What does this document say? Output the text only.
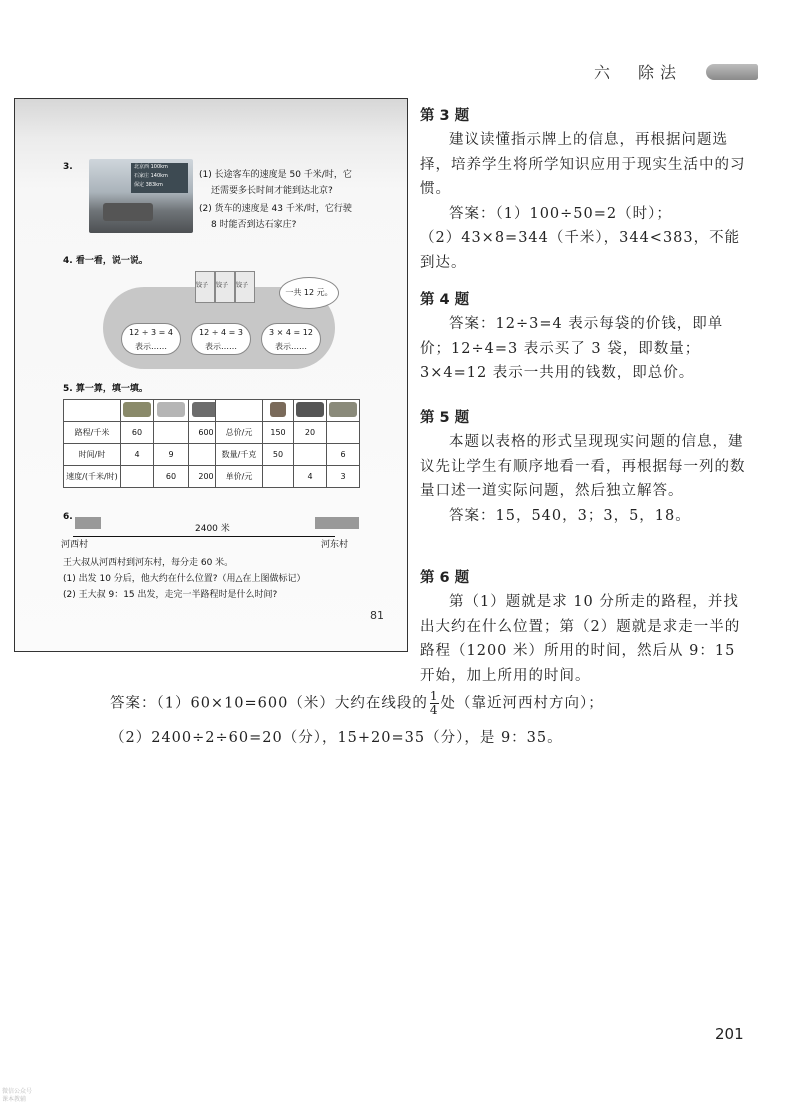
六　除法
3.	北京西 100km
石家庄 140km
保定 383km
(1) 长途客车的速度是 50 千米/时，它
还需要多长时间才能到达北京?
(2) 货车的速度是 43 千米/时，它行驶
8 时能否到达石家庄?
4. 看一看，说一说。
饺子	饺子	饺子
一共 12 元。
12 ÷ 3 = 4
表示……
12 ÷ 4 = 3
表示……
3 × 4 = 12
表示……
5. 算一算，填一填。

路程/千米	60		600
时间/时	4	9	
速度/(千米/时)		60	200

总价/元	150	20	
数量/千克	50		6
单价/元		4	3
6.
2400 米
河西村	河东村
王大叔从河西村到河东村，每分走 60 米。
(1) 出发 10 分后，他大约在什么位置?（用△在上图做标记）
(2) 王大叔 9：15 出发，走完一半路程时是什么时间?
81
第 3 题

建议读懂指示牌上的信息，再根据问题选择，培养学生将所学知识应用于现实生活中的习惯。

答案：（1）100÷50=2（时）；

（2）43×8=344（千米），344<383，不能到达。

第 4 题

答案：12÷3=4 表示每袋的价钱，即单价；12÷4=3 表示买了 3 袋，即数量；3×4=12 表示一共用的钱数，即总价。

第 5 题

本题以表格的形式呈现现实问题的信息，建议先让学生有顺序地看一看，再根据每一列的数量口述一道实际问题，然后独立解答。

答案：15，540，3；3，5，18。

第 6 题

第（1）题就是求 10 分所走的路程，并找出大约在什么位置；第（2）题就是求走一半的路程（1200 米）所用的时间，然后从 9：15 开始，加上所用的时间。

答案：（1）60×10=600（米）大约在线段的 $\frac{1}{4}$ 处（靠近河西村方向）；
（2）2400÷2÷60=20（分），15+20=35（分），是 9：35。
201
微信公众号
课本教辅
